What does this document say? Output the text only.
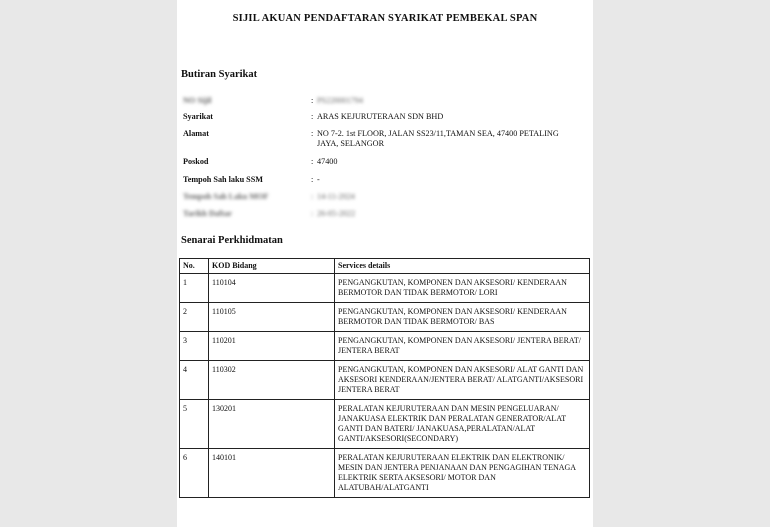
SIJIL AKUAN PENDAFTARAN SYARIKAT PEMBEKAL SPAN
Butiran Syarikat
NO Sijil	: PS220001794
Syarikat	: ARAS KEJURUTERAAN SDN BHD
Alamat	: NO 7-2. 1st FLOOR, JALAN SS23/11,TAMAN SEA, 47400 PETALING JAYA, SELANGOR
Poskod	: 47400
Tempoh Sah laku SSM	: -
Tempoh Sah Laku MOF	: 14-11-2024
Tarikh Daftar	: 26-05-2022
Senarai Perkhidmatan
No.	KOD Bidang	Services details
1	110104	PENGANGKUTAN, KOMPONEN DAN AKSESORI/ KENDERAAN BERMOTOR DAN TIDAK BERMOTOR/ LORI
2	110105	PENGANGKUTAN, KOMPONEN DAN AKSESORI/ KENDERAAN BERMOTOR DAN TIDAK BERMOTOR/ BAS
3	110201	PENGANGKUTAN, KOMPONEN DAN AKSESORI/ JENTERA BERAT/ JENTERA BERAT
4	110302	PENGANGKUTAN, KOMPONEN DAN AKSESORI/ ALAT GANTI DAN AKSESORI KENDERAAN/JENTERA BERAT/ ALATGANTI/AKSESORI JENTERA BERAT
5	130201	PERALATAN KEJURUTERAAN DAN MESIN PENGELUARAN/ JANAKUASA ELEKTRIK DAN PERALATAN GENERATOR/ALAT GANTI DAN BATERI/ JANAKUASA,PERALATAN/ALAT GANTI/AKSESORI(SECONDARY)
6	140101	PERALATAN KEJURUTERAAN ELEKTRIK DAN ELEKTRONIK/ MESIN DAN JENTERA PENJANAAN DAN PENGAGIHAN TENAGA ELEKTRIK SERTA AKSESORI/ MOTOR DAN ALATUBAH/ALATGANTI
